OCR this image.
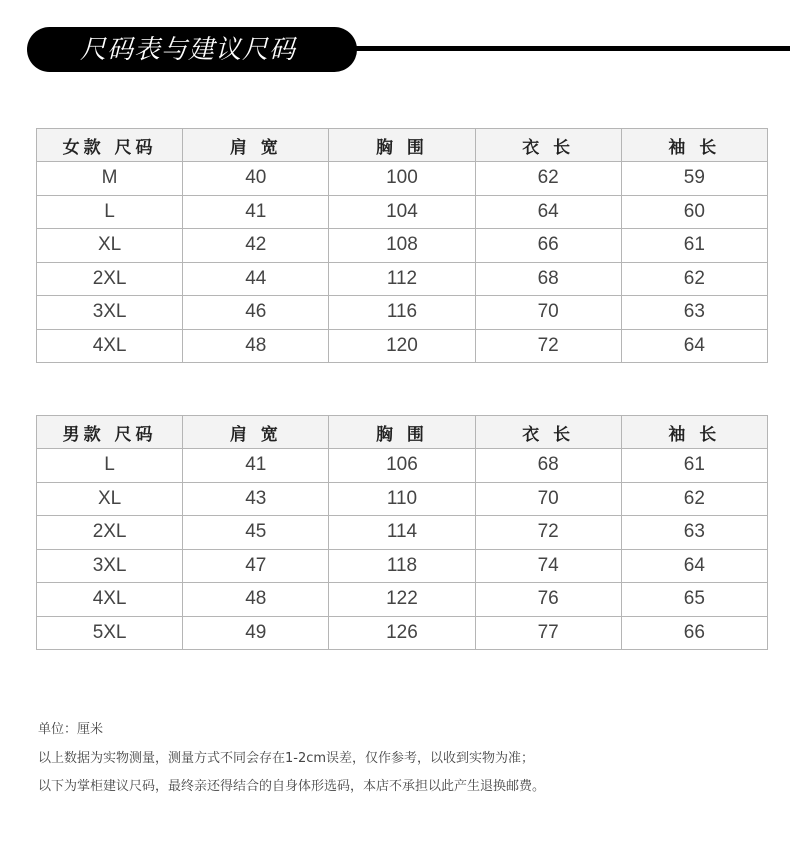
尺码表与建议尺码
女款 尺码	肩 宽	胸 围	衣 长	袖 长
M	40	100	62	59
L	41	104	64	60
XL	42	108	66	61
2XL	44	112	68	62
3XL	46	116	70	63
4XL	48	120	72	64
男款 尺码	肩 宽	胸 围	衣 长	袖 长
L	41	106	68	61
XL	43	110	70	62
2XL	45	114	72	63
3XL	47	118	74	64
4XL	48	122	76	65
5XL	49	126	77	66

单位：厘米

以上数据为实物测量，测量方式不同会存在1-2cm误差，仅作参考，以收到实物为准；

以下为掌柜建议尺码，最终亲还得结合的自身体形选码，本店不承担以此产生退换邮费。
